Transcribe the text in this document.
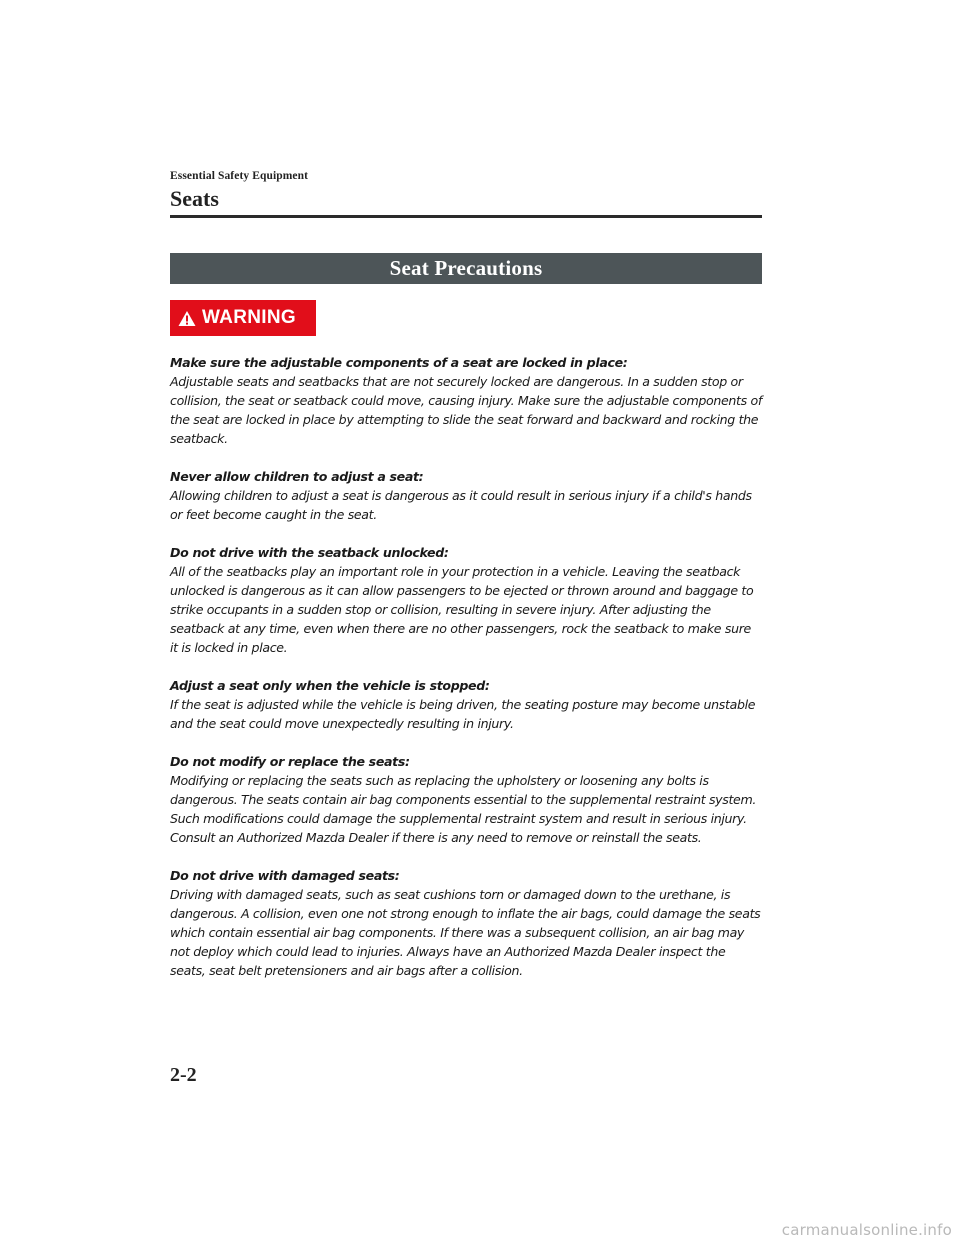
Essential Safety Equipment
Seats
Seat Precautions
WARNING
Make sure the adjustable components of a seat are locked in place:

Adjustable seats and seatbacks that are not securely locked are dangerous. In a sudden stop or collision, the seat or seatback could move, causing injury. Make sure the adjustable components of the seat are locked in place by attempting to slide the seat forward and backward and rocking the seatback.

Never allow children to adjust a seat:

Allowing children to adjust a seat is dangerous as it could result in serious injury if a child's hands or feet become caught in the seat.

Do not drive with the seatback unlocked:

All of the seatbacks play an important role in your protection in a vehicle. Leaving the seatback unlocked is dangerous as it can allow passengers to be ejected or thrown around and baggage to strike occupants in a sudden stop or collision, resulting in severe injury. After adjusting the seatback at any time, even when there are no other passengers, rock the seatback to make sure it is locked in place.

Adjust a seat only when the vehicle is stopped:

If the seat is adjusted while the vehicle is being driven, the seating posture may become unstable and the seat could move unexpectedly resulting in injury.

Do not modify or replace the seats:

Modifying or replacing the seats such as replacing the upholstery or loosening any bolts is dangerous. The seats contain air bag components essential to the supplemental restraint system. Such modifications could damage the supplemental restraint system and result in serious injury. Consult an Authorized Mazda Dealer if there is any need to remove or reinstall the seats.

Do not drive with damaged seats:

Driving with damaged seats, such as seat cushions torn or damaged down to the urethane, is dangerous. A collision, even one not strong enough to inflate the air bags, could damage the seats which contain essential air bag components. If there was a subsequent collision, an air bag may not deploy which could lead to injuries. Always have an Authorized Mazda Dealer inspect the seats, seat belt pretensioners and air bags after a collision.

2-2
carmanualsonline.info
